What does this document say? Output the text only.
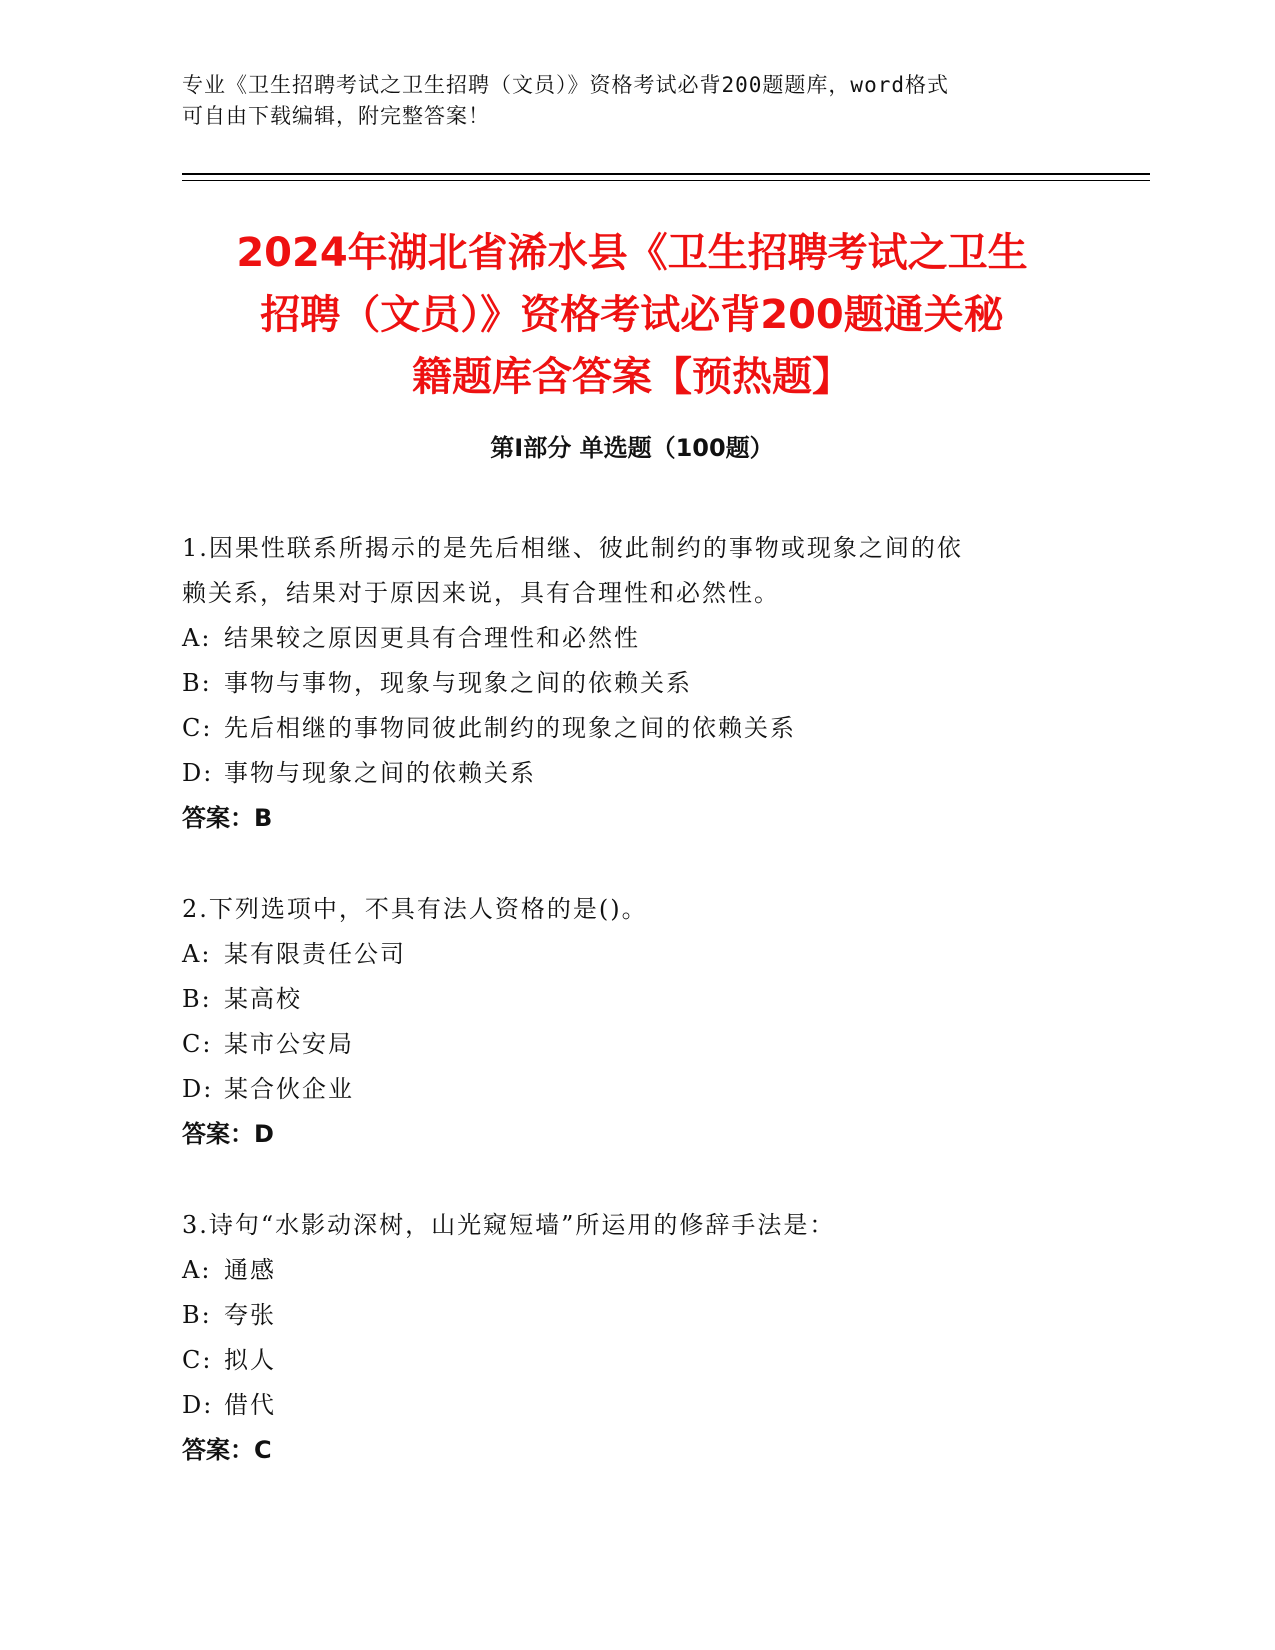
专业《卫生招聘考试之卫生招聘（文员）》资格考试必背200题题库，word格式
可自由下载编辑，附完整答案！
2024年湖北省浠水县《卫生招聘考试之卫生
招聘（文员）》资格考试必背200题通关秘
籍题库含答案【预热题】
第Ⅰ部分 单选题（100题）
1.因果性联系所揭示的是先后相继、彼此制约的事物或现象之间的依
赖关系，结果对于原因来说，具有合理性和必然性。
A: 结果较之原因更具有合理性和必然性
B: 事物与事物，现象与现象之间的依赖关系
C: 先后相继的事物同彼此制约的现象之间的依赖关系
D: 事物与现象之间的依赖关系
答案：B
2.下列选项中，不具有法人资格的是()。
A: 某有限责任公司
B: 某高校
C: 某市公安局
D: 某合伙企业
答案：D
3.诗句“水影动深树，山光窥短墙”所运用的修辞手法是：
A: 通感
B: 夸张
C: 拟人
D: 借代
答案：C
